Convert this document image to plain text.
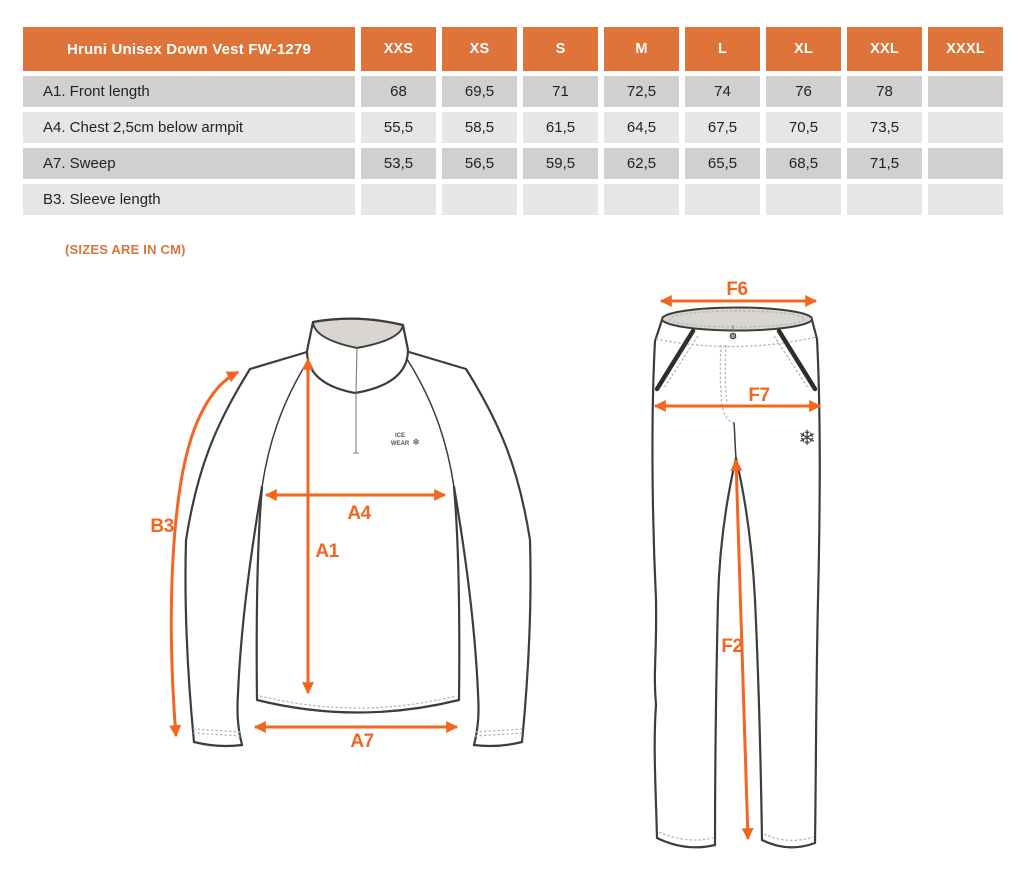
Hruni Unisex Down Vest FW-1279	XXS	XS	S	M	L	XL	XXL	XXXL
A1. Front length	68	69,5	71	72,5	74	76	78	
A4. Chest 2,5cm below armpit	55,5	58,5	61,5	64,5	67,5	70,5	73,5	
A7. Sweep	53,5	56,5	59,5	62,5	65,5	68,5	71,5	
B3. Sleeve length								
(SIZES ARE IN CM)
ICE
WEAR ❄
B3
A1
A4
A7
❄
F6
F7
F2
